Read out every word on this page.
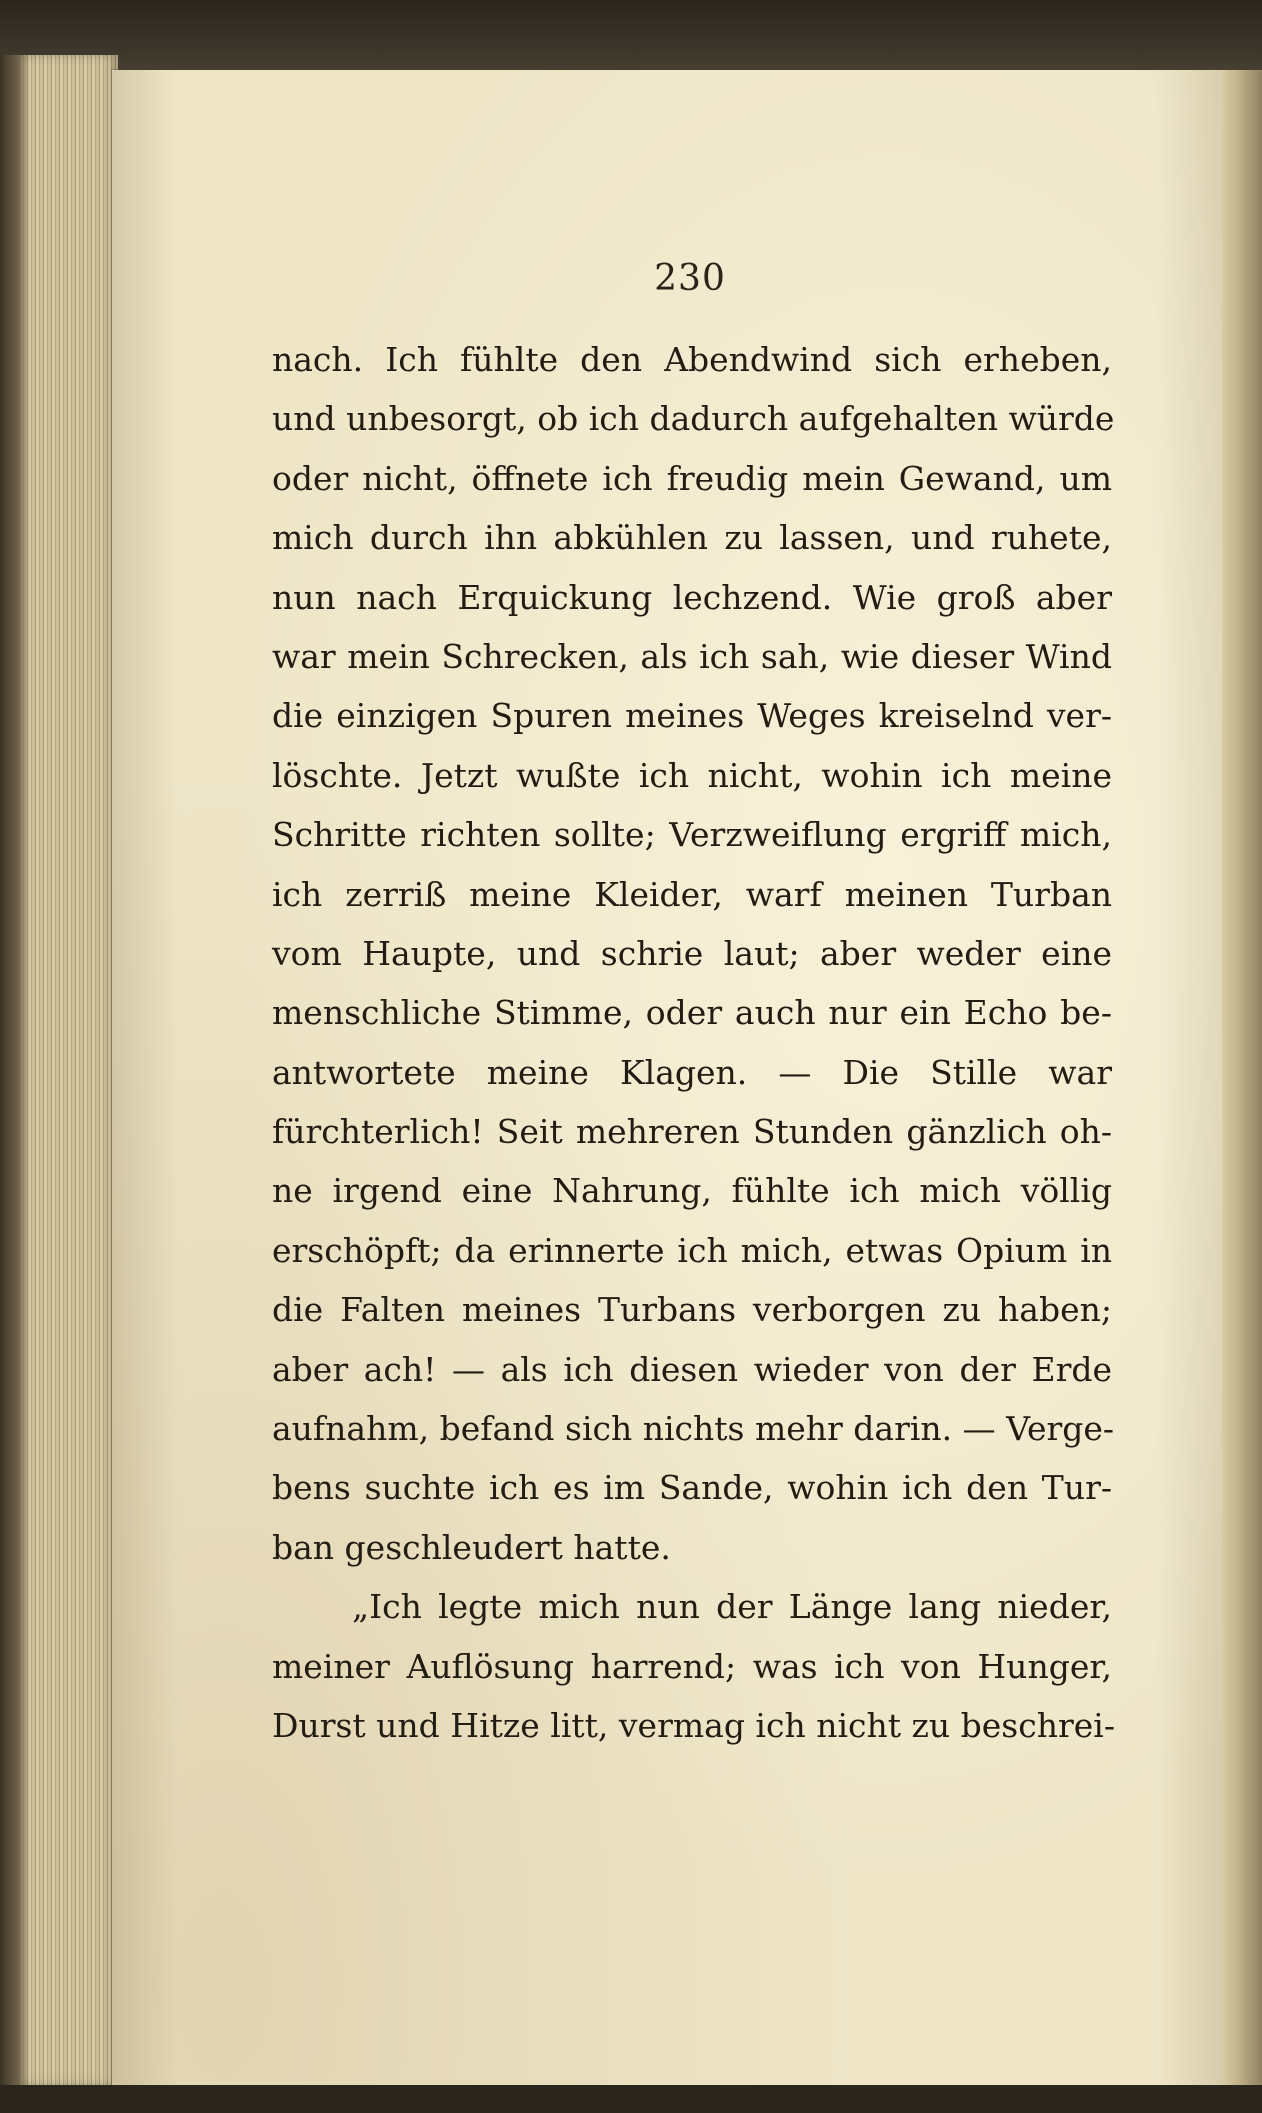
230
nach. Ich fühlte den Abendwind sich erheben,
und unbesorgt, ob ich dadurch aufgehalten würde
oder nicht, öffnete ich freudig mein Gewand, um
mich durch ihn abkühlen zu lassen, und ruhete,
nun nach Erquickung lechzend. Wie groß aber
war mein Schrecken, als ich sah, wie dieser Wind
die einzigen Spuren meines Weges kreiselnd ver-
löschte. Jetzt wußte ich nicht, wohin ich meine
Schritte richten sollte; Verzweiflung ergriff mich,
ich zerriß meine Kleider, warf meinen Turban
vom Haupte, und schrie laut; aber weder eine
menschliche Stimme, oder auch nur ein Echo be-
antwortete meine Klagen. — Die Stille war
fürchterlich! Seit mehreren Stunden gänzlich oh-
ne irgend eine Nahrung, fühlte ich mich völlig
erschöpft; da erinnerte ich mich, etwas Opium in
die Falten meines Turbans verborgen zu haben;
aber ach! — als ich diesen wieder von der Erde
aufnahm, befand sich nichts mehr darin. — Verge-
bens suchte ich es im Sande, wohin ich den Tur-
ban geschleudert hatte.
„Ich legte mich nun der Länge lang nieder,
meiner Auflösung harrend; was ich von Hunger,
Durst und Hitze litt, vermag ich nicht zu beschrei-
